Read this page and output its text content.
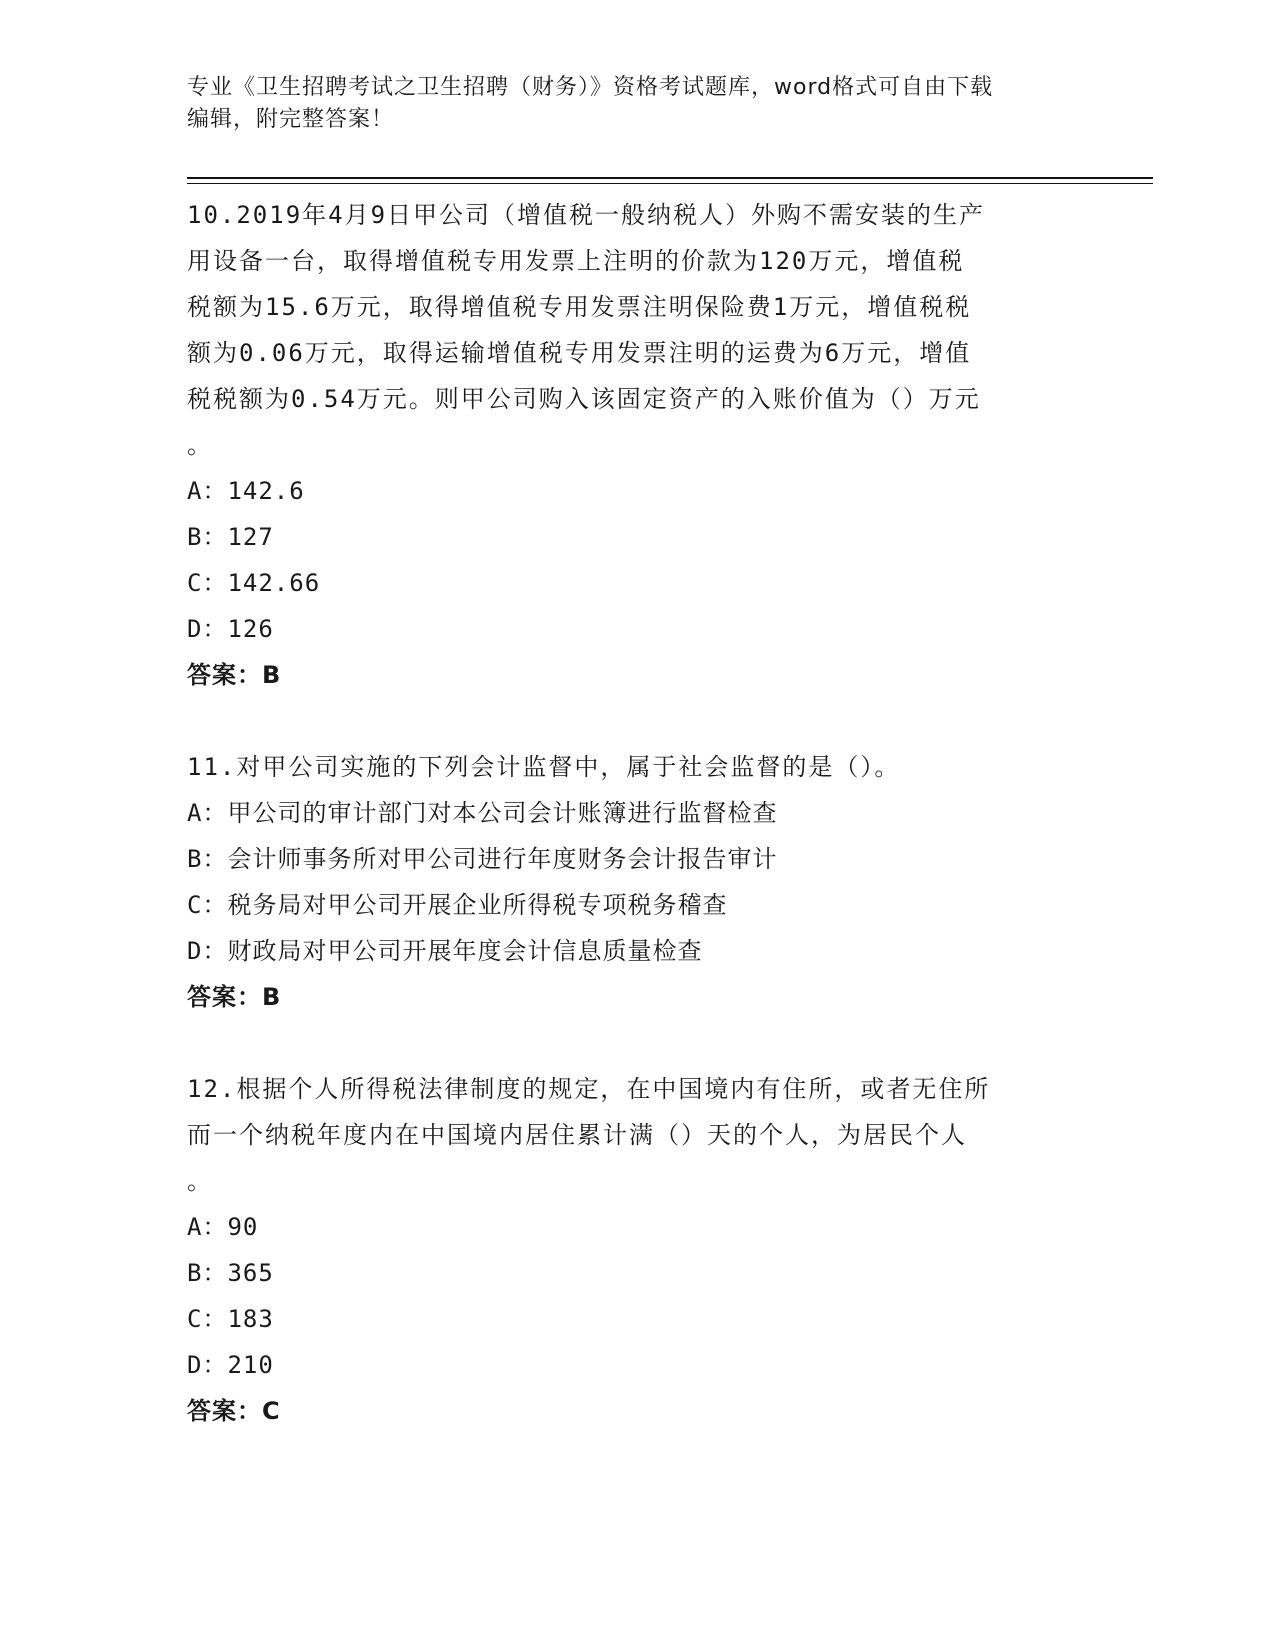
专业《卫生招聘考试之卫生招聘（财务）》资格考试题库，word格式可自由下载
编辑，附完整答案！
10.2019年4月9日甲公司（增值税一般纳税人）外购不需安装的生产
用设备一台，取得增值税专用发票上注明的价款为120万元，增值税
税额为15.6万元，取得增值税专用发票注明保险费1万元，增值税税
额为0.06万元，取得运输增值税专用发票注明的运费为6万元，增值
税税额为0.54万元。则甲公司购入该固定资产的入账价值为（）万元
。
A：142.6
B：127
C：142.66
D：126
答案：B
11.对甲公司实施的下列会计监督中，属于社会监督的是（）。
A：甲公司的审计部门对本公司会计账簿进行监督检查
B：会计师事务所对甲公司进行年度财务会计报告审计
C：税务局对甲公司开展企业所得税专项税务稽查
D：财政局对甲公司开展年度会计信息质量检查
答案：B
12.根据个人所得税法律制度的规定，在中国境内有住所，或者无住所
而一个纳税年度内在中国境内居住累计满（）天的个人，为居民个人
。
A：90
B：365
C：183
D：210
答案：C
